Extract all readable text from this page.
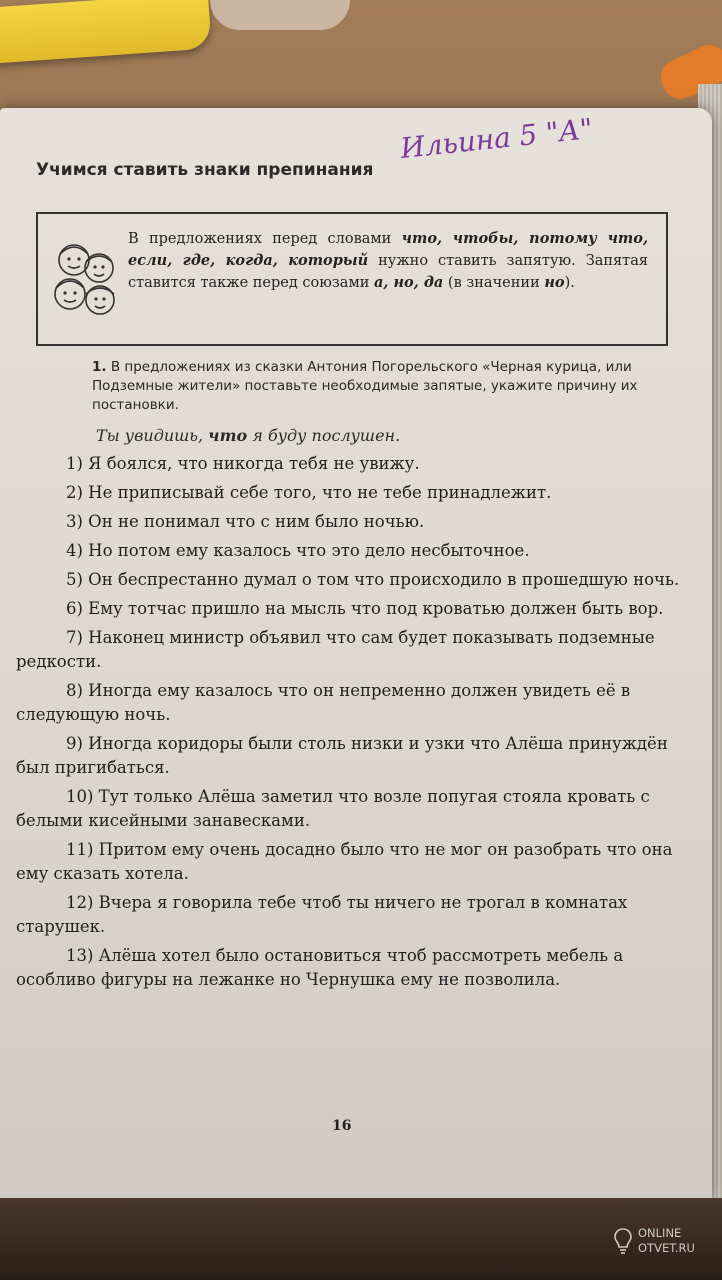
Учимся ставить знаки препинания
Ильина 5 "А"
В предложениях перед словами что, чтобы, потому что, если, где, когда, который нужно ставить запятую. Запятая ставится также перед союзами а, но, да (в значении но).
1. В предложениях из сказки Антония Погорельского «Черная курица, или Подземные жители» поставьте необходимые запятые, укажите причину их постановки.
Ты увидишь, что я буду послушен.
1) Я боялся, что никогда тебя не увижу.
2) Не приписывай себе того, что не тебе принадлежит.
3) Он не понимал что с ним было ночью.
4) Но потом ему казалось что это дело несбыточное.
5) Он беспрестанно думал о том что происходило в прошедшую ночь.
6) Ему тотчас пришло на мысль что под кроватью должен быть вор.
7) Наконец министр объявил что сам будет показывать подземные редкости.
8) Иногда ему казалось что он непременно должен увидеть её в следующую ночь.
9) Иногда коридоры были столь низки и узки что Алёша принуждён был пригибаться.
10) Тут только Алёша заметил что возле попугая стояла кровать с белыми кисейными занавесками.
11) Притом ему очень досадно было что не мог он разобрать что она ему сказать хотела.
12) Вчера я говорила тебе чтоб ты ничего не трогал в комнатах старушек.
13) Алёша хотел было остановиться чтоб рассмотреть мебель а особливо фигуры на лежанке но Чернушка ему не позволила.
16
ONLINE
OTVET.RU
